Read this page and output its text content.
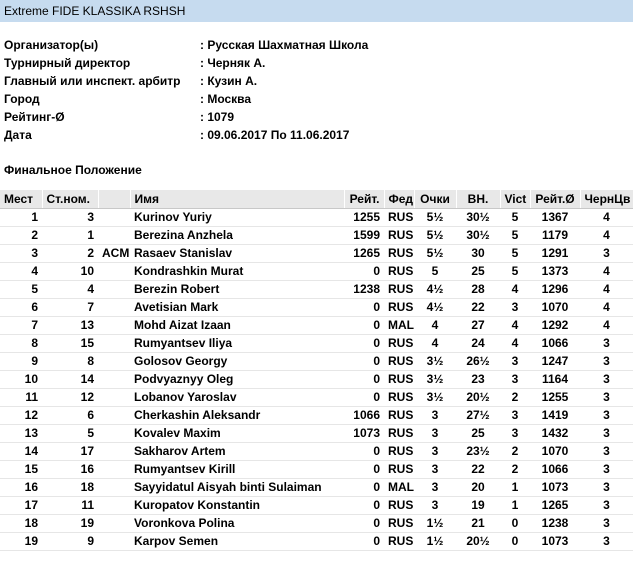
Extreme FIDE KLASSIKA RSHSH
Организатор(ы)	: Русская Шахматная Школа
Турнирный директор	: Черняк А.
Главный или инспект. арбитр	: Кузин А.
Город	: Москва
Рейтинг-Ø	: 1079
Дата	: 09.06.2017 По 11.06.2017
Финальное Положение
Мест	Ст.ном.		Имя	Рейт.	Фед	Очки	ВН.	Vict	Рейт.Ø	ЧернЦв
1	3		Kurinov Yuriy	1255	RUS	5½	30½	5	1367	4
2	1		Berezina Anzhela	1599	RUS	5½	30½	5	1179	4
3	2	ACM	Rasaev Stanislav	1265	RUS	5½	30	5	1291	3
4	10		Kondrashkin Murat	0	RUS	5	25	5	1373	4
5	4		Berezin Robert	1238	RUS	4½	28	4	1296	4
6	7		Avetisian Mark	0	RUS	4½	22	3	1070	4
7	13		Mohd Aizat Izaan	0	MAL	4	27	4	1292	4
8	15		Rumyantsev Iliya	0	RUS	4	24	4	1066	3
9	8		Golosov Georgy	0	RUS	3½	26½	3	1247	3
10	14		Podvyaznyy Oleg	0	RUS	3½	23	3	1164	3
11	12		Lobanov Yaroslav	0	RUS	3½	20½	2	1255	3
12	6		Cherkashin Aleksandr	1066	RUS	3	27½	3	1419	3
13	5		Kovalev Maxim	1073	RUS	3	25	3	1432	3
14	17		Sakharov Artem	0	RUS	3	23½	2	1070	3
15	16		Rumyantsev Kirill	0	RUS	3	22	2	1066	3
16	18		Sayyidatul Aisyah binti Sulaiman	0	MAL	3	20	1	1073	3
17	11		Kuropatov Konstantin	0	RUS	3	19	1	1265	3
18	19		Voronkova Polina	0	RUS	1½	21	0	1238	3
19	9		Karpov Semen	0	RUS	1½	20½	0	1073	3
